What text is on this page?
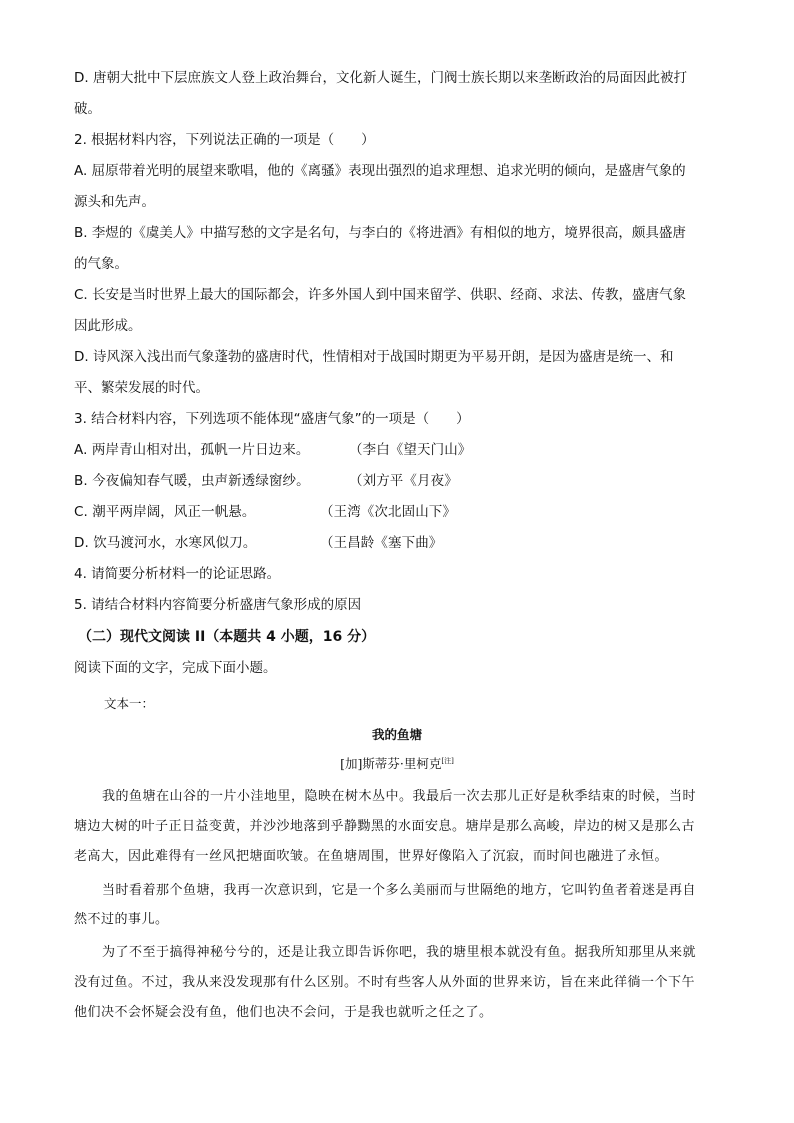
D. 唐朝大批中下层庶族文人登上政治舞台，文化新人诞生，门阀士族长期以来垄断政治的局面因此被打
破。
2. 根据材料内容，下列说法正确的一项是（　　）
A. 屈原带着光明的展望来歌唱，他的《离骚》表现出强烈的追求理想、追求光明的倾向，是盛唐气象的
源头和先声。
B. 李煜的《虞美人》中描写愁的文字是名句，与李白的《将进酒》有相似的地方，境界很高，颇具盛唐
的气象。
C. 长安是当时世界上最大的国际都会，许多外国人到中国来留学、供职、经商、求法、传教，盛唐气象
因此形成。
D. 诗风深入浅出而气象蓬勃的盛唐时代，性情相对于战国时期更为平易开朗，是因为盛唐是统一、和
平、繁荣发展的时代。
3. 结合材料内容，下列选项不能体现“盛唐气象”的一项是（　　）
A. 两岸青山相对出，孤帆一片日边来。	（李白《望天门山》
B. 今夜偏知春气暖，虫声新透绿窗纱。	（刘方平《月夜》
C. 潮平两岸阔，风正一帆悬。	（王湾《次北固山下》
D. 饮马渡河水，水寒风似刀。	（王昌龄《塞下曲》
4. 请简要分析材料一的论证思路。
5. 请结合材料内容简要分析盛唐气象形成的原因
（二）现代文阅读 II（本题共 4 小题，16 分）
阅读下面的文字，完成下面小题。
文本一：
我的鱼塘
[加]斯蒂芬·里柯克[注]
我的鱼塘在山谷的一片小洼地里，隐映在树木丛中。我最后一次去那儿正好是秋季结束的时候，当时
塘边大树的叶子正日益变黄，并沙沙地落到乎静黝黑的水面安息。塘岸是那么高峻，岸边的树又是那么古
老高大，因此难得有一丝风把塘面吹皱。在鱼塘周围，世界好像陷入了沉寂，而时间也融进了永恒。
当时看着那个鱼塘，我再一次意识到，它是一个多么美丽而与世隔绝的地方，它叫钓鱼者着迷是再自
然不过的事儿。
为了不至于搞得神秘兮兮的，还是让我立即告诉你吧，我的塘里根本就没有鱼。据我所知那里从来就
没有过鱼。不过，我从来没发现那有什么区别。不时有些客人从外面的世界来访，旨在来此徉徜一个下午
他们决不会怀疑会没有鱼，他们也决不会问，于是我也就听之任之了。
